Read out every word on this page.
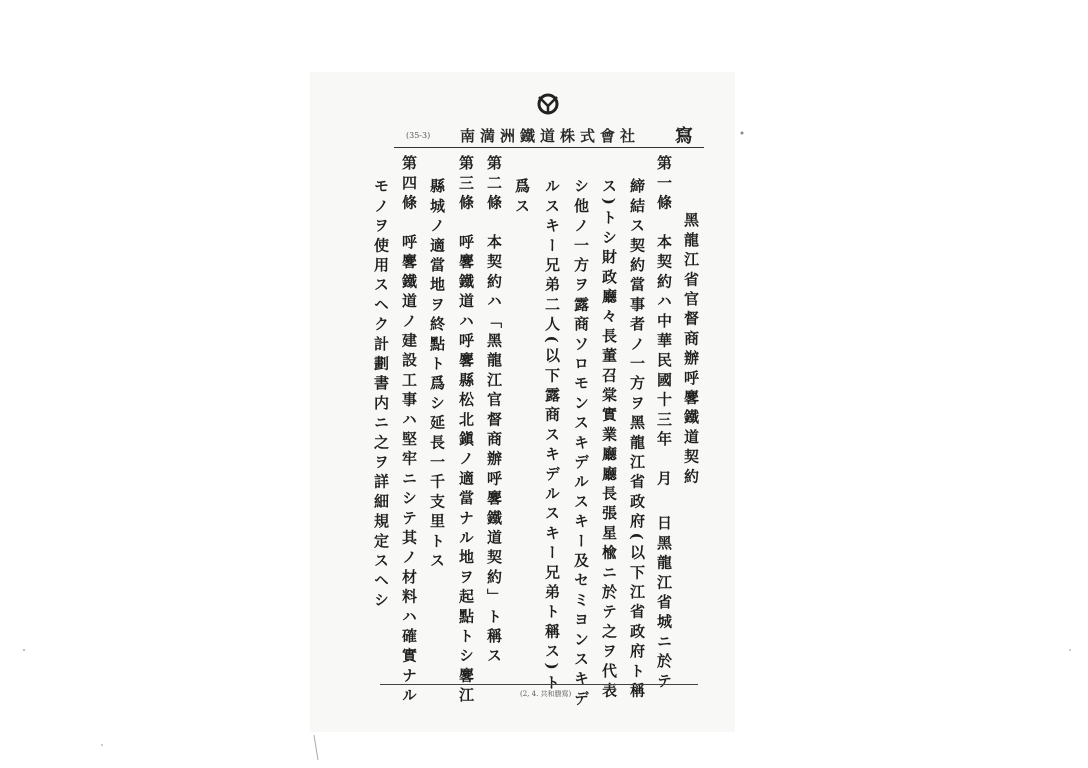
寫
南満洲鐵道株式會社
(35-3)
黑龍江省官督商辦呼𪊲鐵道契約
日黑龍江省城ニ於テ
第一條　本契約ハ中華民國十三年　月
締結ス契約當事者ノ一方ヲ黑龍江省政府(以下江省政府ト稱
ス)トシ財政廳々長董召棠實業廳廳長張星楡ニ於テ之ヲ代表
シ他ノ一方ヲ露商ソロモンスキデルスキー及セミヨンスキデ
ルスキー兄弟二人(以下露商スキデルスキー兄弟ト稱ス)ト
爲ス
第二條　本契約ハ「黑龍江官督商辦呼𪊲鐵道契約」ト稱ス
第三條　呼𪊲鐵道ハ呼𪊲縣松北鎭ノ適當ナル地ヲ起點トシ𪊲江
縣城ノ適當地ヲ終點ト爲シ延長一千支里トス
第四條　呼𪊲鐵道ノ建設工事ハ堅牢ニシテ其ノ材料ハ確實ナル
モノヲ使用スヘク計劃書内ニ之ヲ詳細規定スヘシ
(2, 4. 共和謄寫)
